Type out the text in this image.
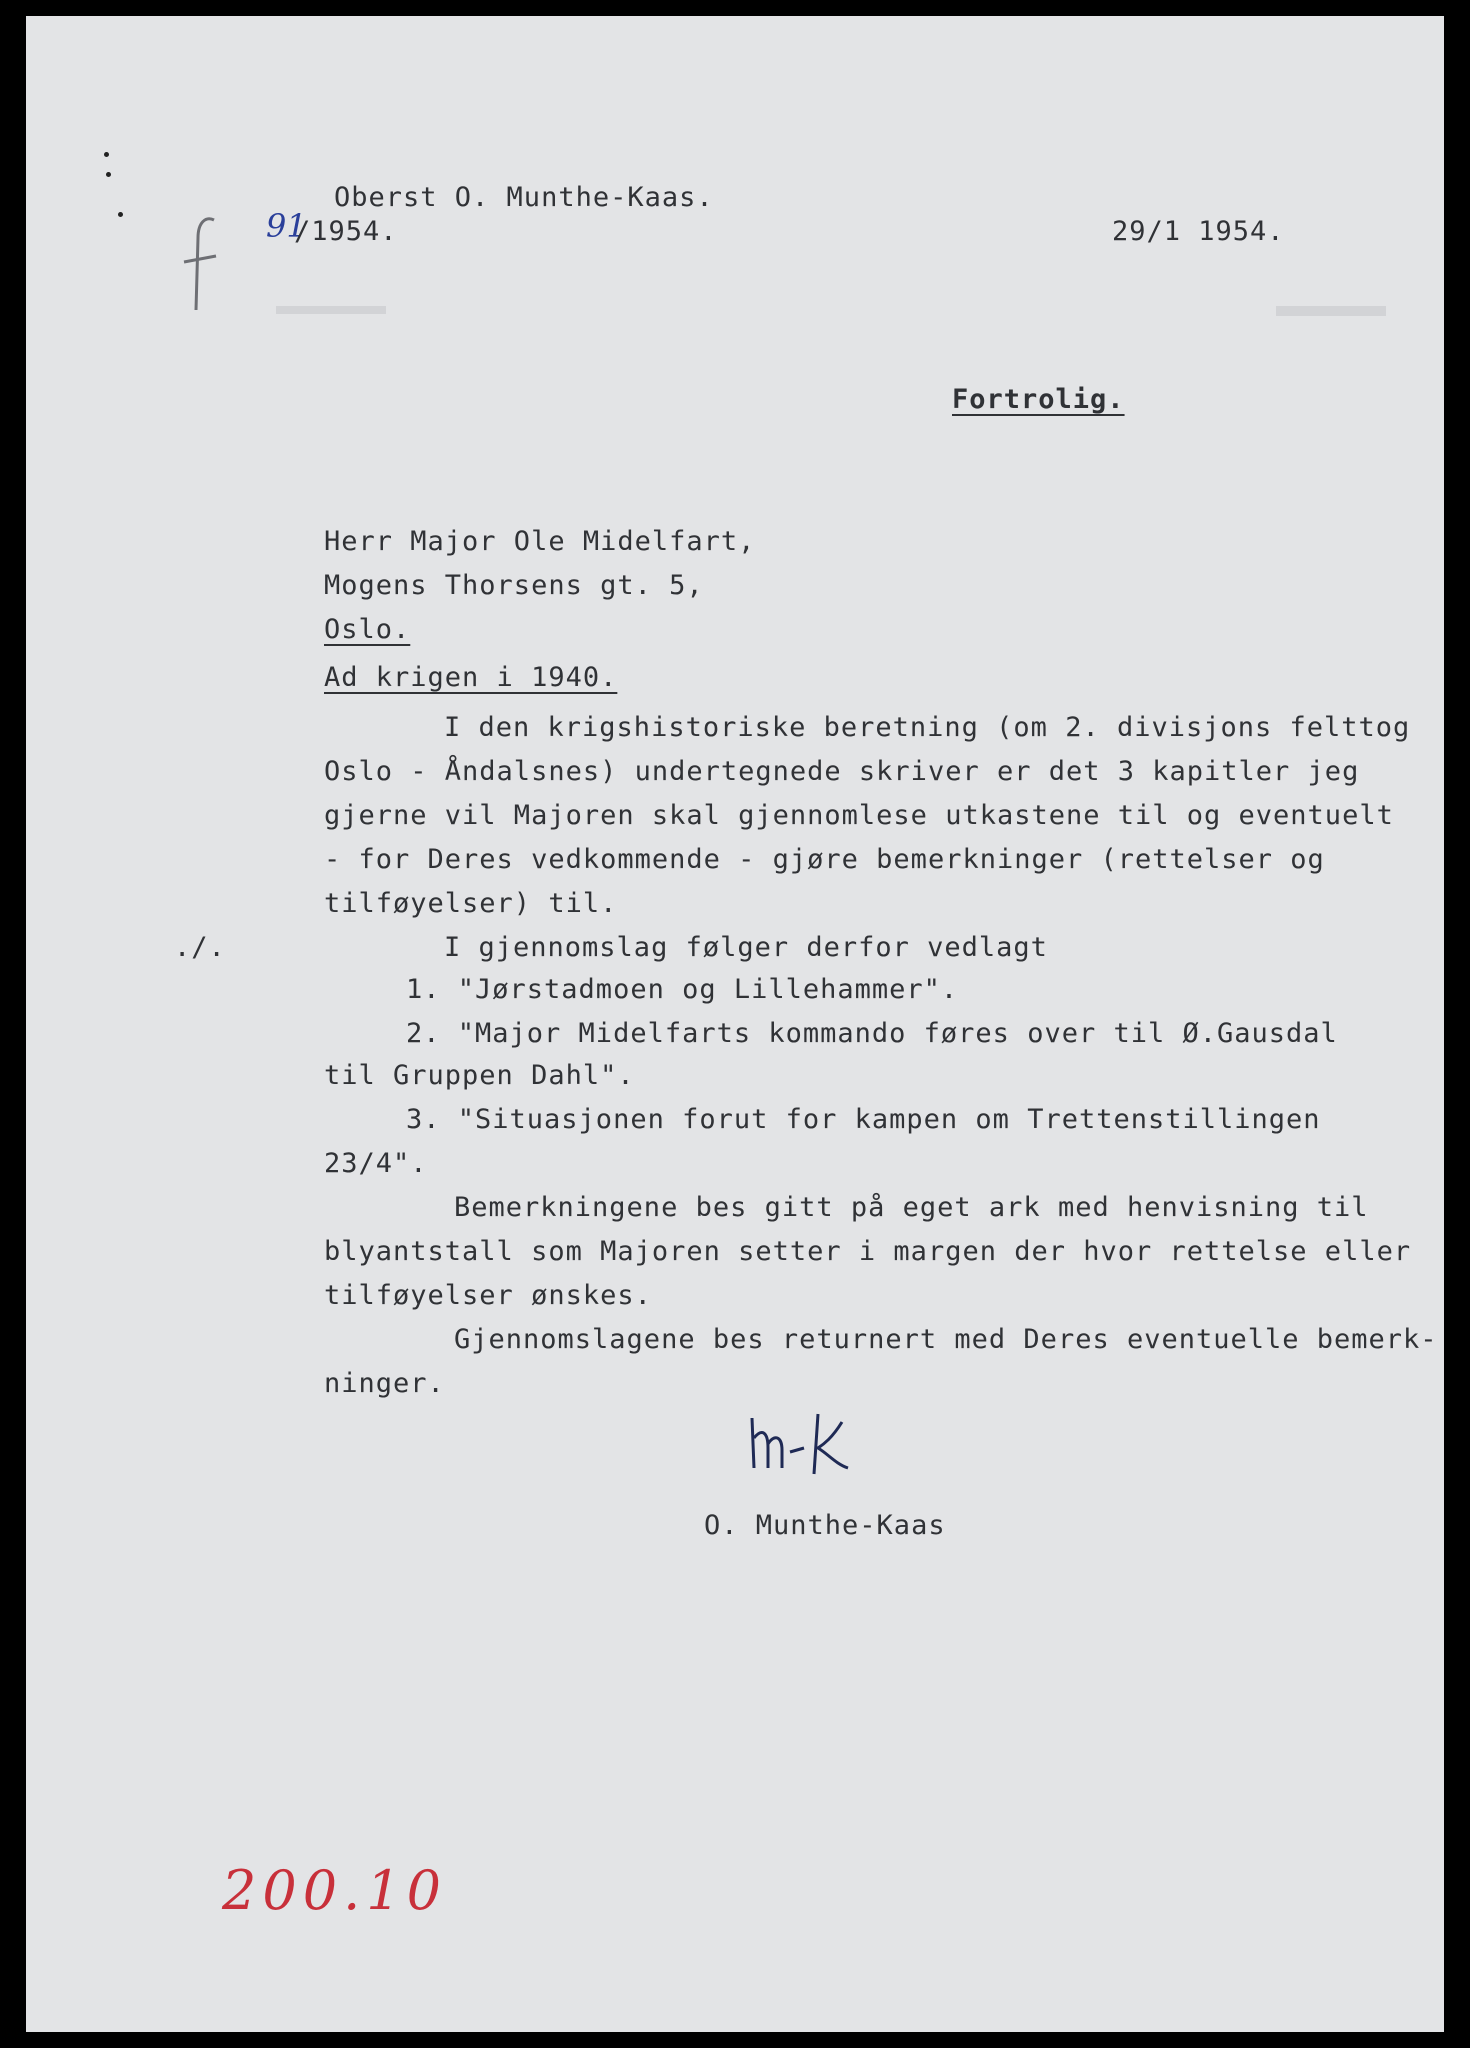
Oberst O. Munthe-Kaas.
91
/1954.	29/1 1954.
Fortrolig.
Herr Major Ole Midelfart,
Mogens Thorsens gt. 5,
Oslo.
Ad krigen i 1940.
I den krigshistoriske beretning (om 2. divisjons felttog
Oslo - Åndalsnes) undertegnede skriver er det 3 kapitler jeg
gjerne vil Majoren skal gjennomlese utkastene til og eventuelt
- for Deres vedkommende - gjøre bemerkninger (rettelser og
tilføyelser) til.
./.	I gjennomslag følger derfor vedlagt
1. "Jørstadmoen og Lillehammer".
2. "Major Midelfarts kommando føres over til Ø.Gausdal
til Gruppen Dahl".
3. "Situasjonen forut for kampen om Trettenstillingen
23/4".
Bemerkningene bes gitt på eget ark med henvisning til
blyantstall som Majoren setter i margen der hvor rettelse eller
tilføyelser ønskes.
Gjennomslagene bes returnert med Deres eventuelle bemerk-
ninger.
O. Munthe-Kaas
200.10
